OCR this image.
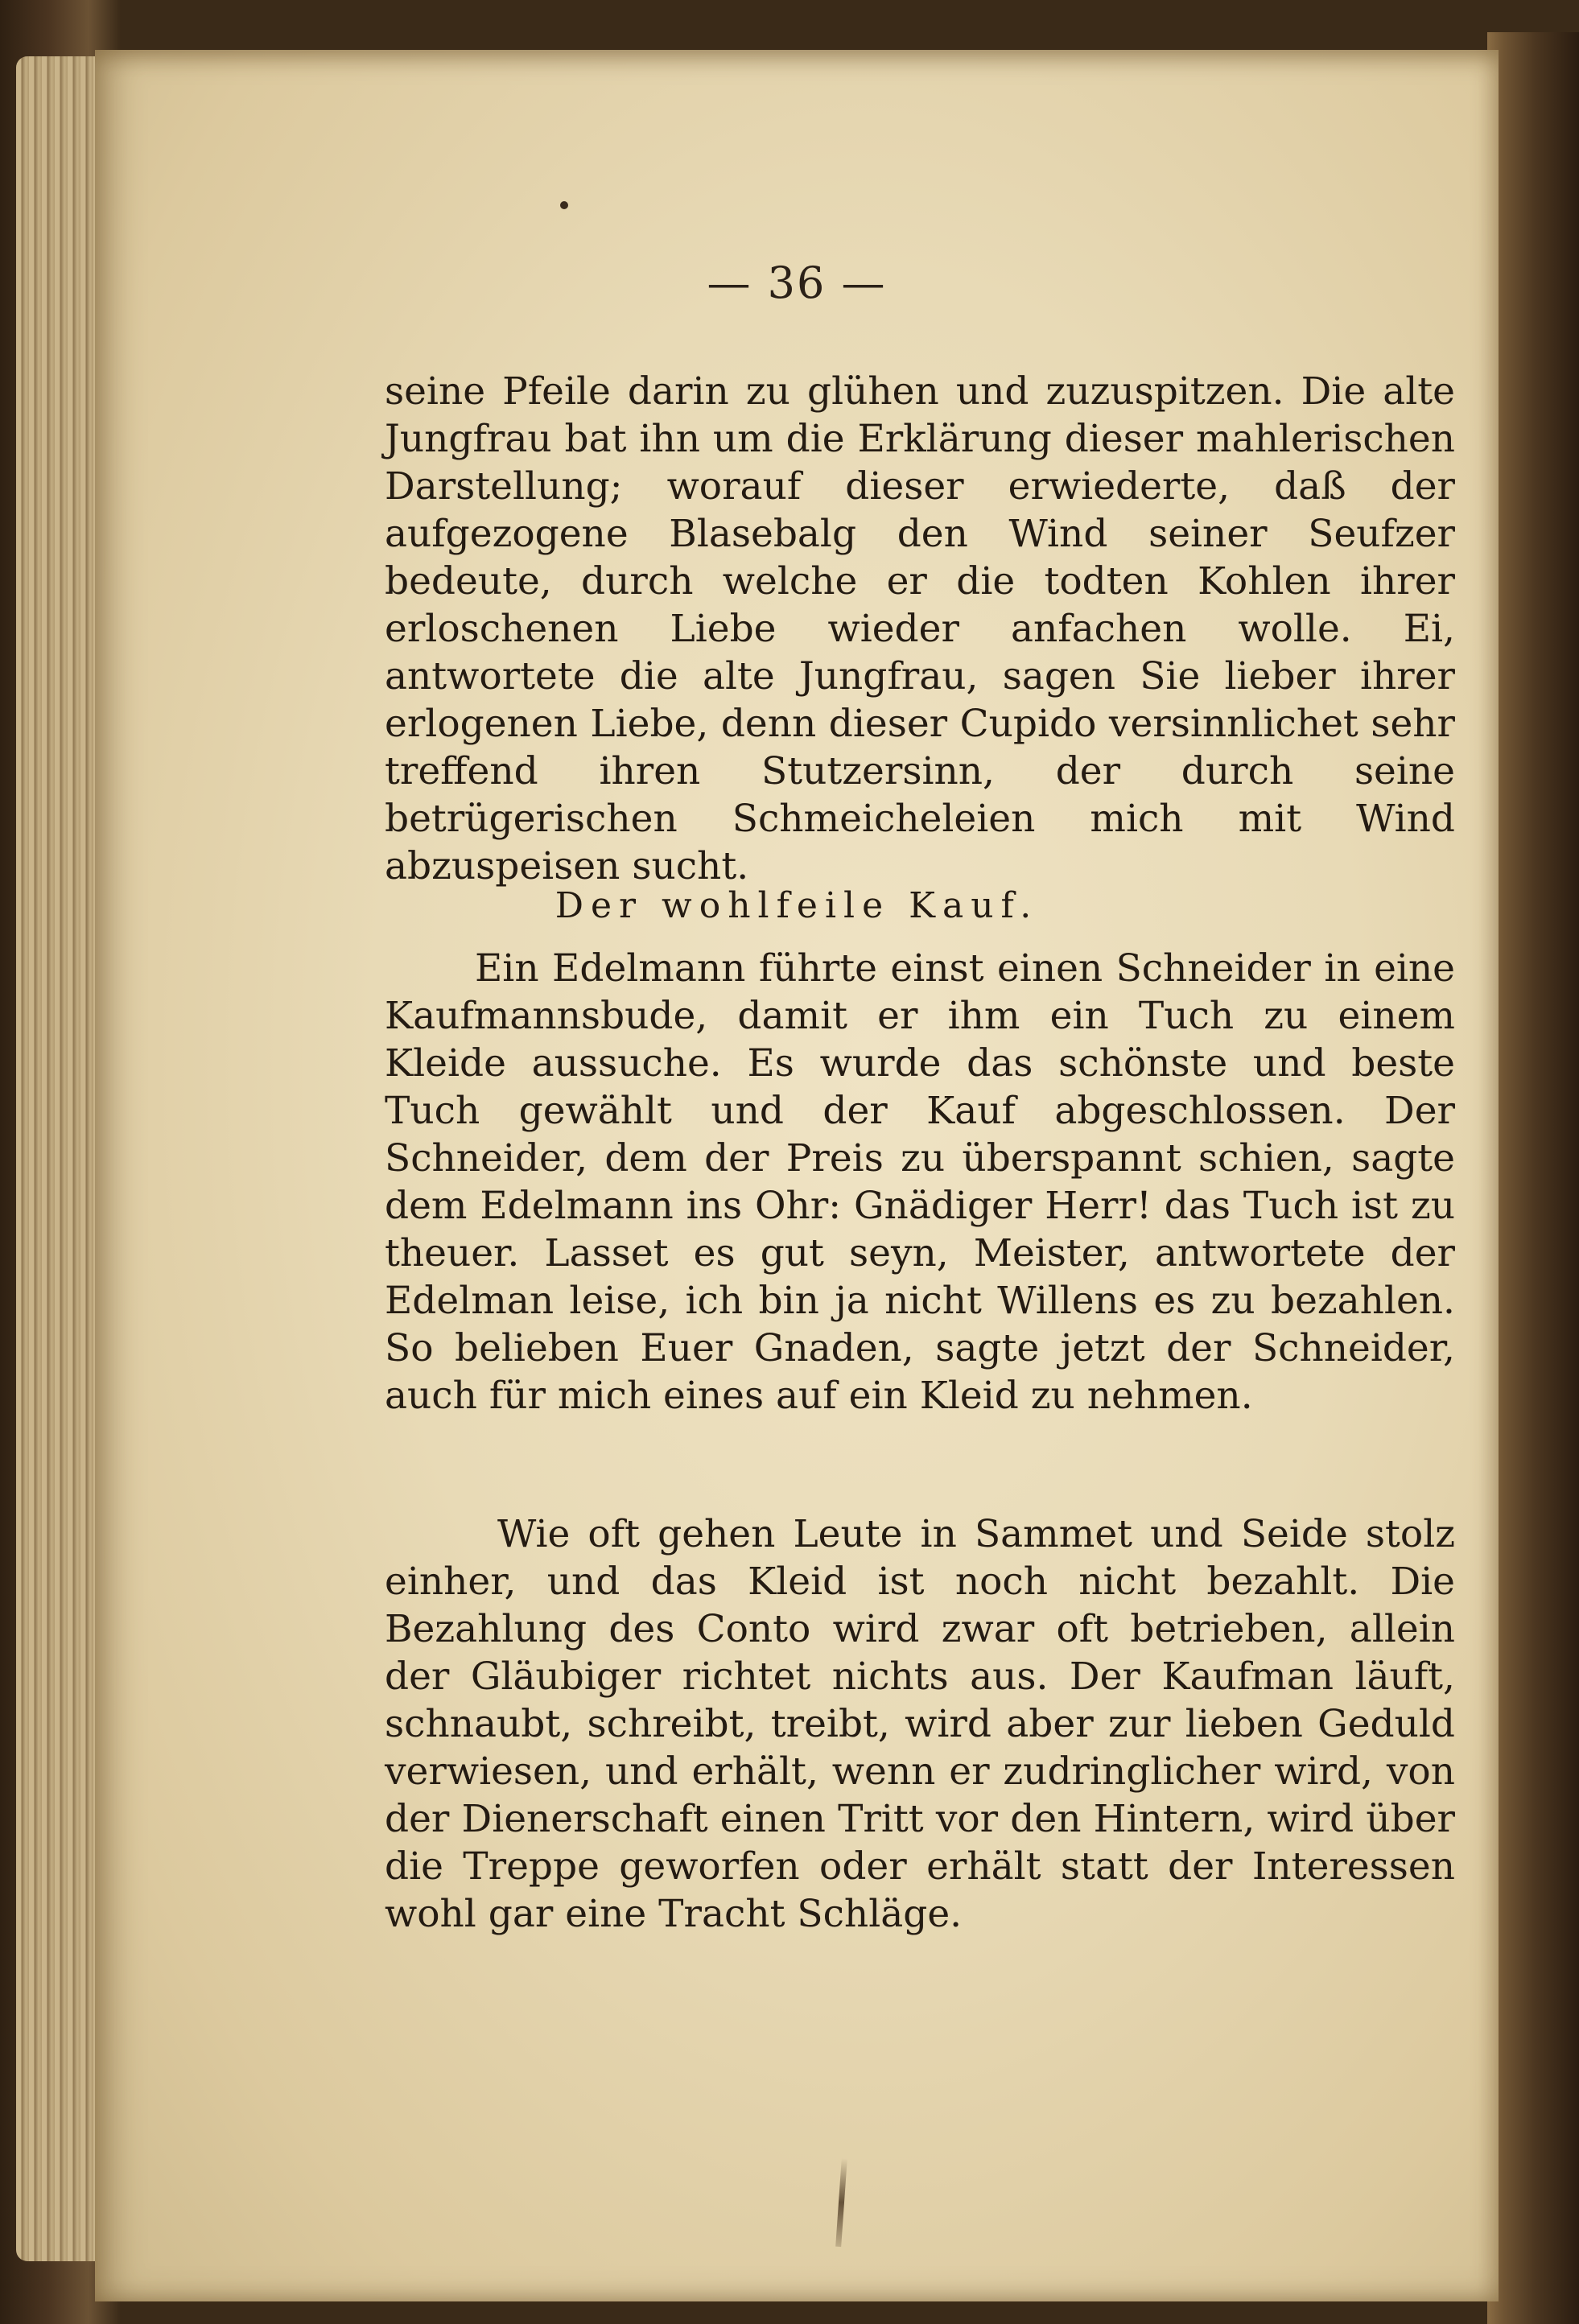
— 36 —

seine Pfeile darin zu glühen und zuzuspitzen. Die alte Jungfrau bat ihn um die Erklärung dieser mahlerischen Darstellung; worauf dieser erwiederte, daß der aufgezogene Blasebalg den Wind seiner Seufzer bedeute, durch welche er die todten Kohlen ihrer erloschenen Liebe wieder anfachen wolle. Ei, antwortete die alte Jungfrau, sagen Sie lieber ihrer erlogenen Liebe, denn dieser Cupido versinnlichet sehr treffend ihren Stutzersinn, der durch seine betrügerischen Schmeicheleien mich mit Wind abzuspeisen sucht.

Der wohlfeile Kauf.

Ein Edelmann führte einst einen Schneider in eine Kaufmannsbude, damit er ihm ein Tuch zu einem Kleide aussuche. Es wurde das schönste und beste Tuch gewählt und der Kauf abgeschlossen. Der Schneider, dem der Preis zu überspannt schien, sagte dem Edelmann ins Ohr: Gnädiger Herr! das Tuch ist zu theuer. Lasset es gut seyn, Meister, antwortete der Edelman leise, ich bin ja nicht Willens es zu bezahlen. So belieben Euer Gnaden, sagte jetzt der Schneider, auch für mich eines auf ein Kleid zu nehmen.

Wie oft gehen Leute in Sammet und Seide stolz einher, und das Kleid ist noch nicht bezahlt. Die Bezahlung des Conto wird zwar oft betrieben, allein der Gläubiger richtet nichts aus. Der Kaufman läuft, schnaubt, schreibt, treibt, wird aber zur lieben Geduld verwiesen, und erhält, wenn er zudringlicher wird, von der Dienerschaft einen Tritt vor den Hintern, wird über die Treppe geworfen oder erhält statt der Interessen wohl gar eine Tracht Schläge.
